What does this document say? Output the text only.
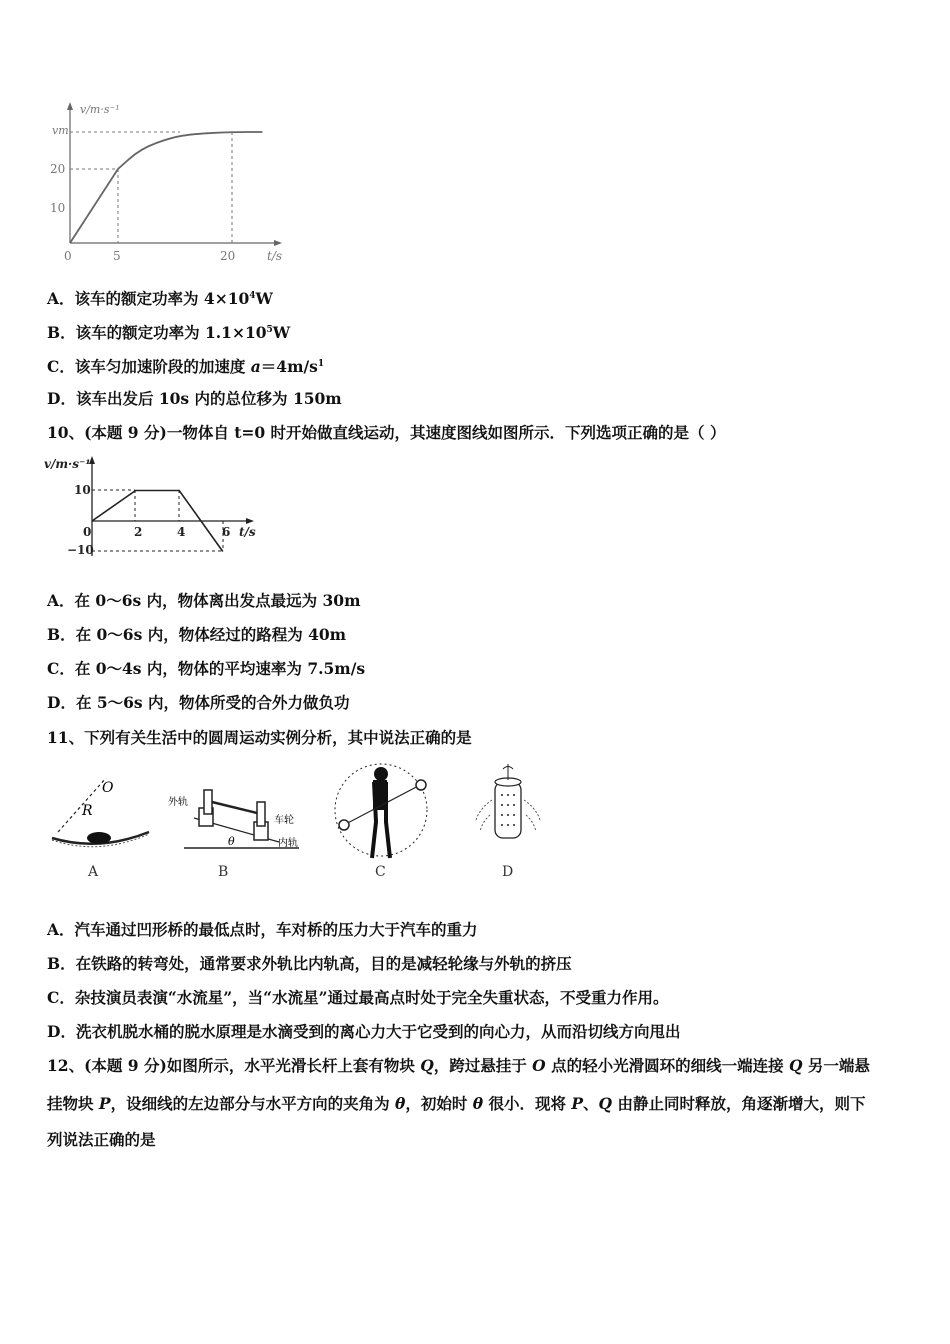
v/m·s⁻¹
t/s
vm
20
10
0	5	20
A．该车的额定功率为 $4\times 10^4W$
B．该车的额定功率为 $1.1\times 10^5W$
C．该车匀加速阶段的加速度 $a=4m/s^1$
D．该车出发后 10s 内的总位移为 150m
10、(本题 9 分)一物体自 t=0 时开始做直线运动，其速度图线如图所示．下列选项正确的是（ ）
v/m·s⁻¹
t/s
10
−10
0	2	4	6
A．在 0～6s 内，物体离出发点最远为 30m
B．在 0～6s 内，物体经过的路程为 40m
C．在 0～4s 内，物体的平均速率为 7.5m/s
D．在 5～6s 内，物体所受的合外力做负功
11、下列有关生活中的圆周运动实例分析，其中说法正确的是
O
R
A
外轨
车轮
内轨
θ
B	C	D
A．汽车通过凹形桥的最低点时，车对桥的压力大于汽车的重力
B．在铁路的转弯处，通常要求外轨比内轨高，目的是减轻轮缘与外轨的挤压
C．杂技演员表演“水流星”，当“水流星”通过最高点时处于完全失重状态，不受重力作用。
D．洗衣机脱水桶的脱水原理是水滴受到的离心力大于它受到的向心力，从而沿切线方向甩出
12、(本题 9 分)如图所示，水平光滑长杆上套有物块 Q，跨过悬挂于 O 点的轻小光滑圆环的细线一端连接 Q 另一端悬
挂物块 P，设细线的左边部分与水平方向的夹角为 θ，初始时 θ 很小．现将 P、Q 由静止同时释放，角逐渐增大，则下
列说法正确的是
